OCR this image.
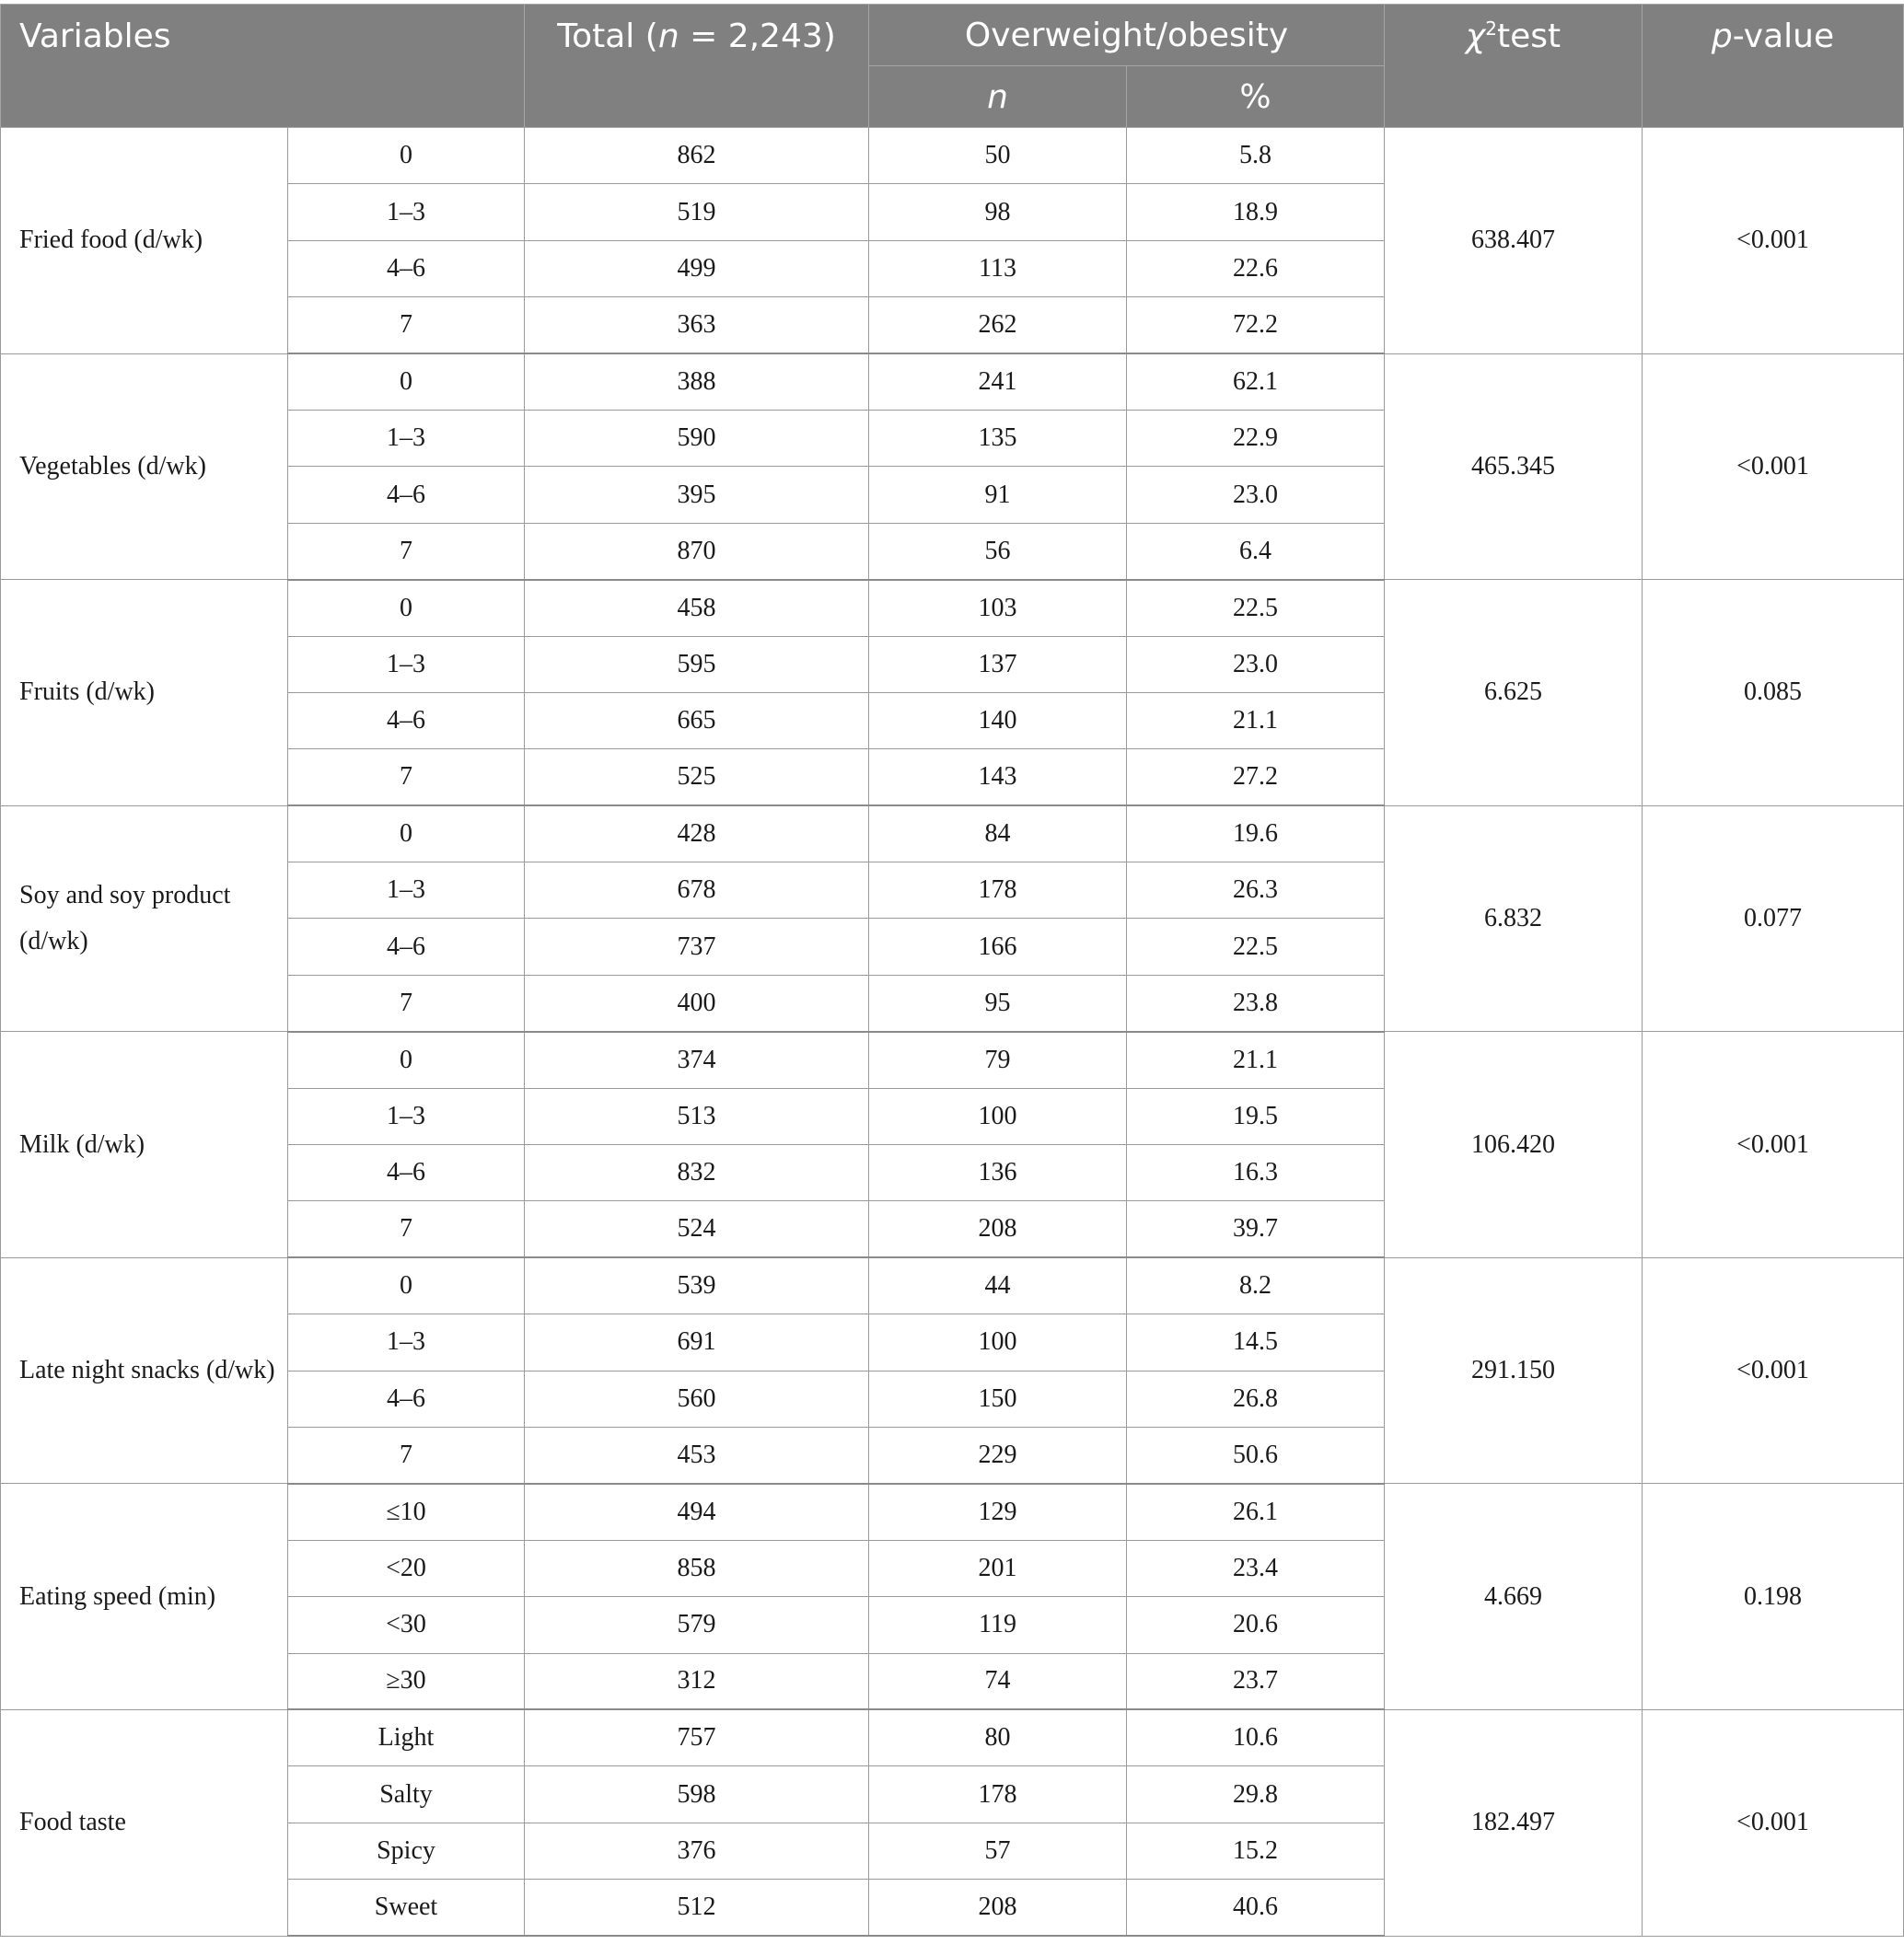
Variables		Total (n = 2,243)	Overweight/obesity		$\chi^2test$	p-value
			n	%		
Fried food (d/wk)	0	862	50	5.8	638.407	<0.001
	1–3	519	98	18.9		
	4–6	499	113	22.6		
	7	363	262	72.2		
Vegetables (d/wk)	0	388	241	62.1	465.345	<0.001
	1–3	590	135	22.9		
	4–6	395	91	23.0		
	7	870	56	6.4		
Fruits (d/wk)	0	458	103	22.5	6.625	0.085
	1–3	595	137	23.0		
	4–6	665	140	21.1		
	7	525	143	27.2		
Soy and soy product (d/wk)	0	428	84	19.6	6.832	0.077
	1–3	678	178	26.3		
	4–6	737	166	22.5		
	7	400	95	23.8		
Milk (d/wk)	0	374	79	21.1	106.420	<0.001
	1–3	513	100	19.5		
	4–6	832	136	16.3		
	7	524	208	39.7		
Late night snacks (d/wk)	0	539	44	8.2	291.150	<0.001
	1–3	691	100	14.5		
	4–6	560	150	26.8		
	7	453	229	50.6		
Eating speed (min)	≤10	494	129	26.1	4.669	0.198
	<20	858	201	23.4		
	<30	579	119	20.6		
	≥30	312	74	23.7		
Food taste	Light	757	80	10.6	182.497	<0.001
	Salty	598	178	29.8		
	Spicy	376	57	15.2		
	Sweet	512	208	40.6		
